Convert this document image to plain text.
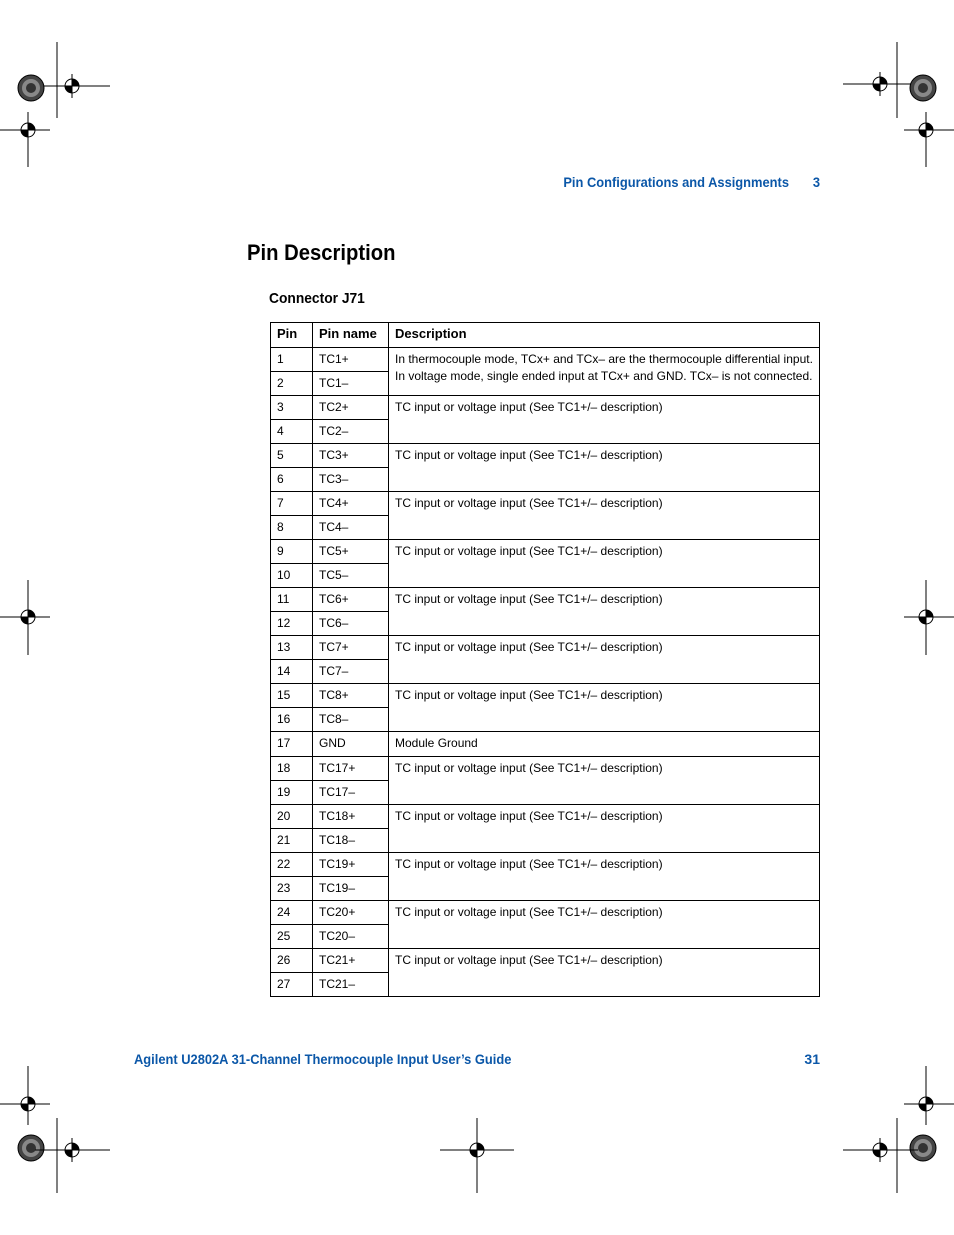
Pin Configurations and Assignments 3
Pin Description
Connector J71
Pin	Pin name	Description
1	TC1+	In thermocouple mode, TCx+ and TCx– are the thermocouple differential input. In voltage mode, single ended input at TCx+ and GND. TCx– is not connected.
2	TC1–	
3	TC2+	TC input or voltage input (See TC1+/– description)
4	TC2–	
5	TC3+	TC input or voltage input (See TC1+/– description)
6	TC3–	
7	TC4+	TC input or voltage input (See TC1+/– description)
8	TC4–	
9	TC5+	TC input or voltage input (See TC1+/– description)
10	TC5–	
11	TC6+	TC input or voltage input (See TC1+/– description)
12	TC6–	
13	TC7+	TC input or voltage input (See TC1+/– description)
14	TC7–	
15	TC8+	TC input or voltage input (See TC1+/– description)
16	TC8–	
17	GND	Module Ground
18	TC17+	TC input or voltage input (See TC1+/– description)
19	TC17–	
20	TC18+	TC input or voltage input (See TC1+/– description)
21	TC18–	
22	TC19+	TC input or voltage input (See TC1+/– description)
23	TC19–	
24	TC20+	TC input or voltage input (See TC1+/– description)
25	TC20–	
26	TC21+	TC input or voltage input (See TC1+/– description)
27	TC21–	
Agilent U2802A 31-Channel Thermocouple Input User’s Guide	31
